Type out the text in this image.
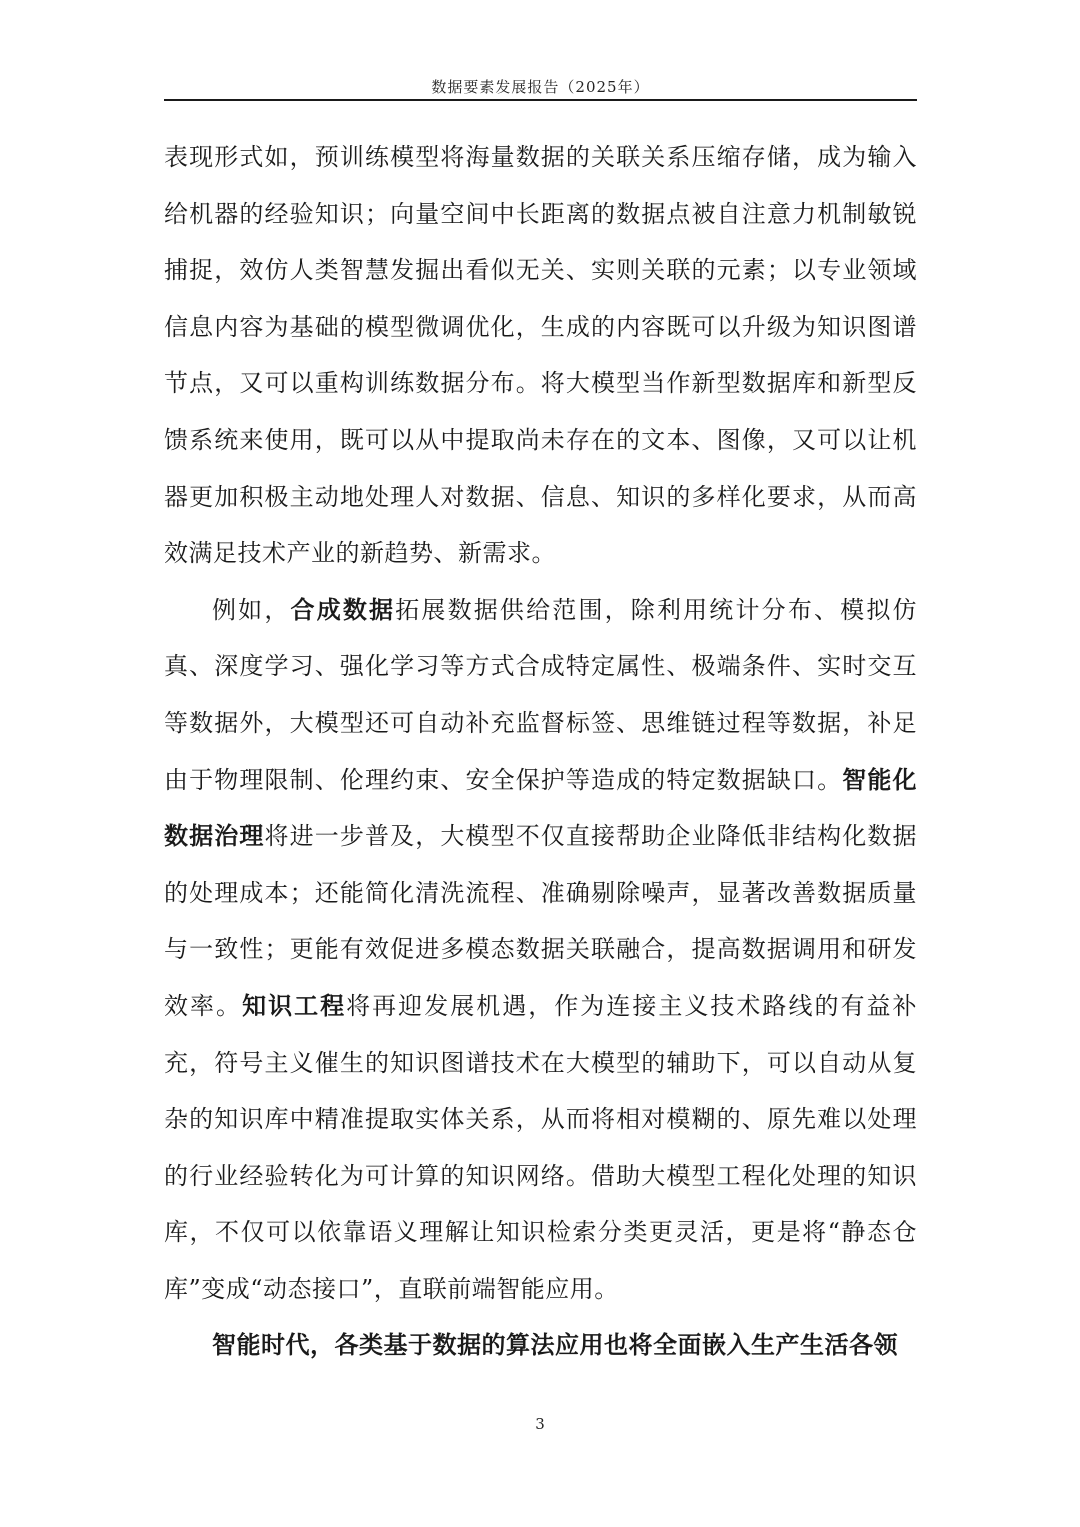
数据要素发展报告（2025年）

表现形式如，预训练模型将海量数据的关联关系压缩存储，成为输入给机器的经验知识；向量空间中长距离的数据点被自注意力机制敏锐捕捉，效仿人类智慧发掘出看似无关、实则关联的元素；以专业领域信息内容为基础的模型微调优化，生成的内容既可以升级为知识图谱节点，又可以重构训练数据分布。将大模型当作新型数据库和新型反馈系统来使用，既可以从中提取尚未存在的文本、图像，又可以让机器更加积极主动地处理人对数据、信息、知识的多样化要求，从而高效满足技术产业的新趋势、新需求。

例如，合成数据拓展数据供给范围，除利用统计分布、模拟仿真、深度学习、强化学习等方式合成特定属性、极端条件、实时交互等数据外，大模型还可自动补充监督标签、思维链过程等数据，补足由于物理限制、伦理约束、安全保护等造成的特定数据缺口。智能化数据治理将进一步普及，大模型不仅直接帮助企业降低非结构化数据的处理成本；还能简化清洗流程、准确剔除噪声，显著改善数据质量与一致性；更能有效促进多模态数据关联融合，提高数据调用和研发效率。知识工程将再迎发展机遇，作为连接主义技术路线的有益补充，符号主义催生的知识图谱技术在大模型的辅助下，可以自动从复杂的知识库中精准提取实体关系，从而将相对模糊的、原先难以处理的行业经验转化为可计算的知识网络。借助大模型工程化处理的知识库，不仅可以依靠语义理解让知识检索分类更灵活，更是将“静态仓库”变成“动态接口”，直联前端智能应用。

智能时代，各类基于数据的算法应用也将全面嵌入生产生活各领

3
